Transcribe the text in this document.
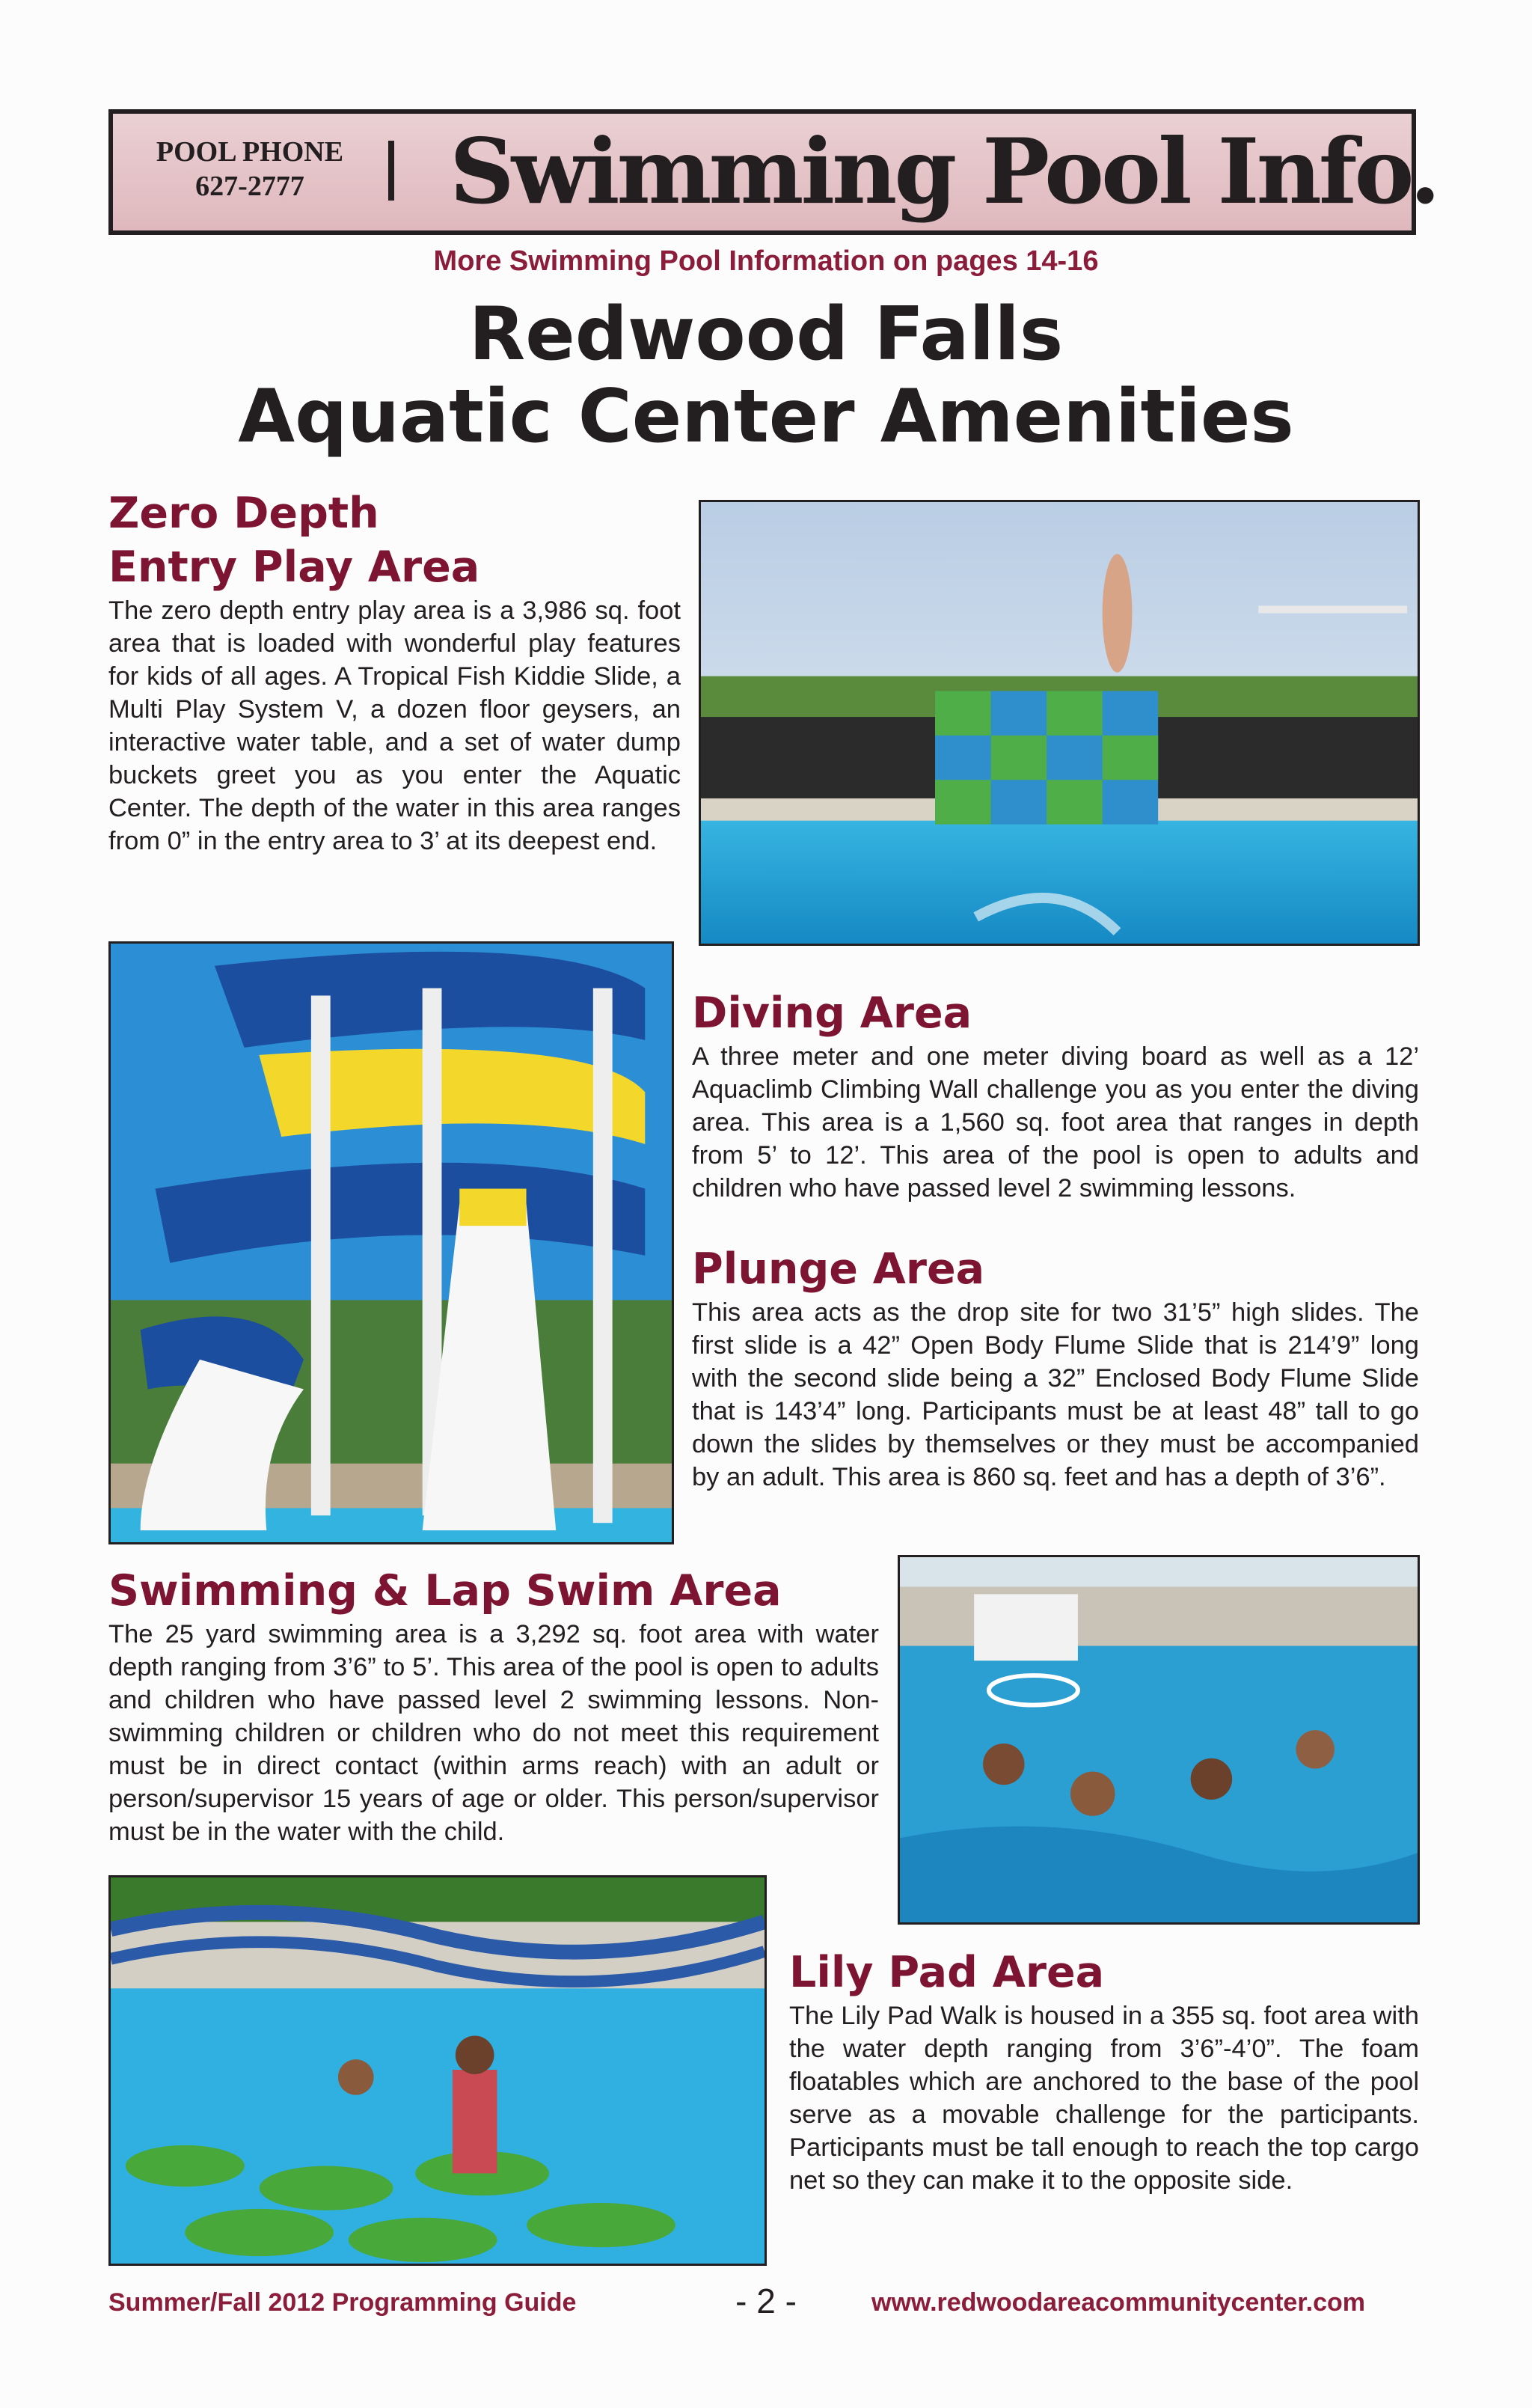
POOL PHONE
627-2777	Swimming Pool Info.
More Swimming Pool Information on pages 14-16
Redwood Falls
Aquatic Center Amenities
Zero Depth
Entry Play Area
The zero depth entry play area is a 3,986 sq. foot area that is loaded with wonderful play features for kids of all ages. A Tropical Fish Kiddie Slide, a Multi Play System V, a dozen floor geysers, an interactive water table, and a set of water dump buckets greet you as you enter the Aquatic Center. The depth of the water in this area ranges from 0” in the entry area to 3’ at its deepest end.
Diving Area
A three meter and one meter diving board as well as a 12’ Aquaclimb Climbing Wall challenge you as you enter the diving area. This area is a 1,560 sq. foot area that ranges in depth from 5’ to 12’. This area of the pool is open to adults and children who have passed level 2 swimming lessons.
Plunge Area
This area acts as the drop site for two 31’5” high slides. The first slide is a 42” Open Body Flume Slide that is 214’9” long with the second slide being a 32” Enclosed Body Flume Slide that is 143’4” long. Participants must be at least 48” tall to go down the slides by themselves or they must be accompanied by an adult. This area is 860 sq. feet and has a depth of 3’6”.
Swimming & Lap Swim Area
The 25 yard swimming area is a 3,292 sq. foot area with water depth ranging from 3’6” to 5’. This area of the pool is open to adults and children who have passed level 2 swimming lessons. Non-swimming children or children who do not meet this requirement must be in direct contact (within arms reach) with an adult or person/supervisor 15 years of age or older. This person/supervisor must be in the water with the child.
Lily Pad Area
The Lily Pad Walk is housed in a 355 sq. foot area with the water depth ranging from 3’6”-4’0”. The foam floatables which are anchored to the base of the pool serve as a movable challenge for the participants. Participants must be tall enough to reach the top cargo net so they can make it to the opposite side.
Summer/Fall 2012 Programming Guide	- 2 -	www.redwoodareacommunitycenter.com
